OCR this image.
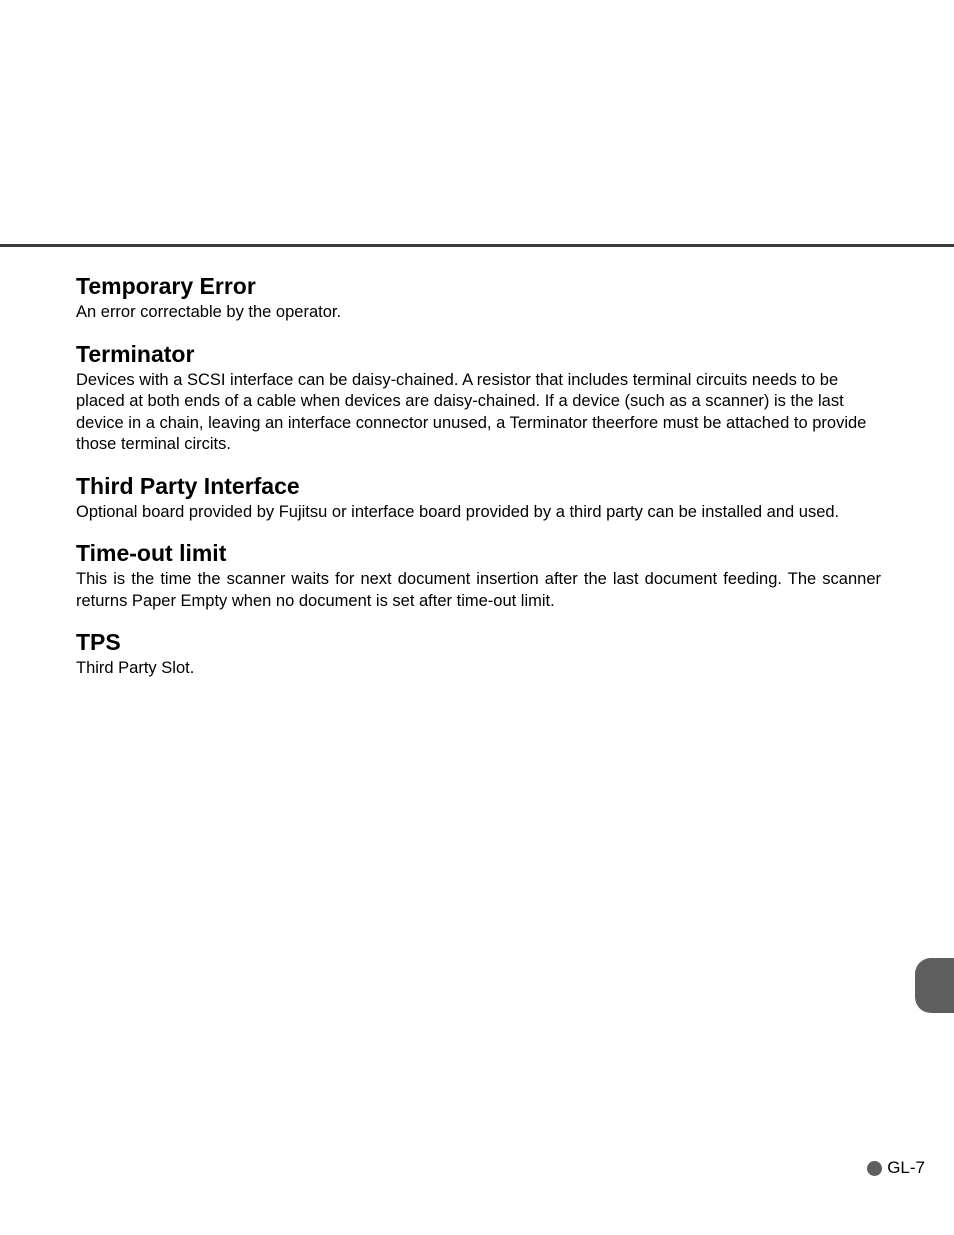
Temporary Error

An error correctable by the operator.

Terminator

Devices with a SCSI interface can be daisy-chained. A resistor that includes terminal circuits needs to be placed at both ends of a cable when devices are daisy-chained. If a device (such as a scanner) is the last device in a chain, leaving an interface connector unused, a Terminator theerfore must be attached to provide those terminal circits.

Third Party Interface

Optional board provided by Fujitsu or interface board provided by a third party can be installed and used.

Time-out limit

This is the time the scanner waits for next document insertion after the last document feeding. The scanner returns Paper Empty when no document is set after time-out limit.

TPS

Third Party Slot.

GL-7
